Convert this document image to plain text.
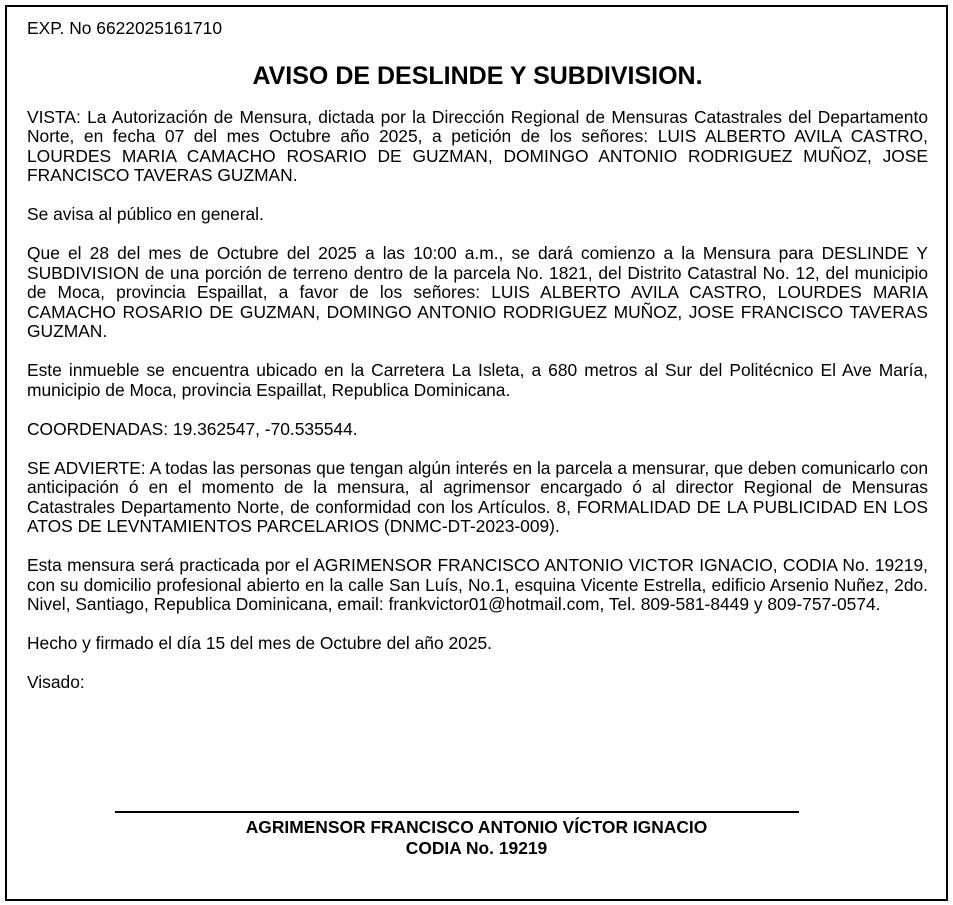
EXP. No 6622025161710

AVISO DE DESLINDE Y SUBDIVISION.

VISTA: La Autorización de Mensura, dictada por la Dirección Regional de Mensuras Catastrales del Departamento Norte, en fecha 07 del mes Octubre año 2025, a petición de los señores: LUIS ALBERTO AVILA CASTRO, LOURDES MARIA CAMACHO ROSARIO DE GUZMAN, DOMINGO ANTONIO RODRIGUEZ MUÑOZ, JOSE FRANCISCO TAVERAS GUZMAN.

Se avisa al público en general.

Que el 28 del mes de Octubre del 2025 a las 10:00 a.m., se dará comienzo a la Mensura para DESLINDE Y SUBDIVISION de una porción de terreno dentro de la parcela No. 1821, del Distrito Catastral No. 12, del municipio de Moca, provincia Espaillat, a favor de los señores: LUIS ALBERTO AVILA CASTRO, LOURDES MARIA CAMACHO ROSARIO DE GUZMAN, DOMINGO ANTONIO RODRIGUEZ MUÑOZ, JOSE FRANCISCO TAVERAS GUZMAN.

Este inmueble se encuentra ubicado en la Carretera La Isleta, a 680 metros al Sur del Politécnico El Ave María, municipio de Moca, provincia Espaillat, Republica Dominicana.

COORDENADAS: 19.362547, -70.535544.

SE ADVIERTE: A todas las personas que tengan algún interés en la parcela a mensurar, que deben comunicarlo con anticipación ó en el momento de la mensura, al agrimensor encargado ó al director Regional de Mensuras Catastrales Departamento Norte, de conformidad con los Artículos. 8, FORMALIDAD DE LA PUBLICIDAD EN LOS ATOS DE LEVNTAMIENTOS PARCELARIOS (DNMC-DT-2023-009).

Esta mensura será practicada por el AGRIMENSOR FRANCISCO ANTONIO VICTOR IGNACIO, CODIA No. 19219, con su domicilio profesional abierto en la calle San Luís, No.1, esquina Vicente Estrella, edificio Arsenio Nuñez, 2do. Nivel, Santiago, Republica Dominicana, email: frankvictor01@hotmail.com, Tel. 809-581-8449 y 809-757-0574.

Hecho y firmado el día 15 del mes de Octubre del año 2025.

Visado:

AGRIMENSOR FRANCISCO ANTONIO VÍCTOR IGNACIO
CODIA No. 19219
